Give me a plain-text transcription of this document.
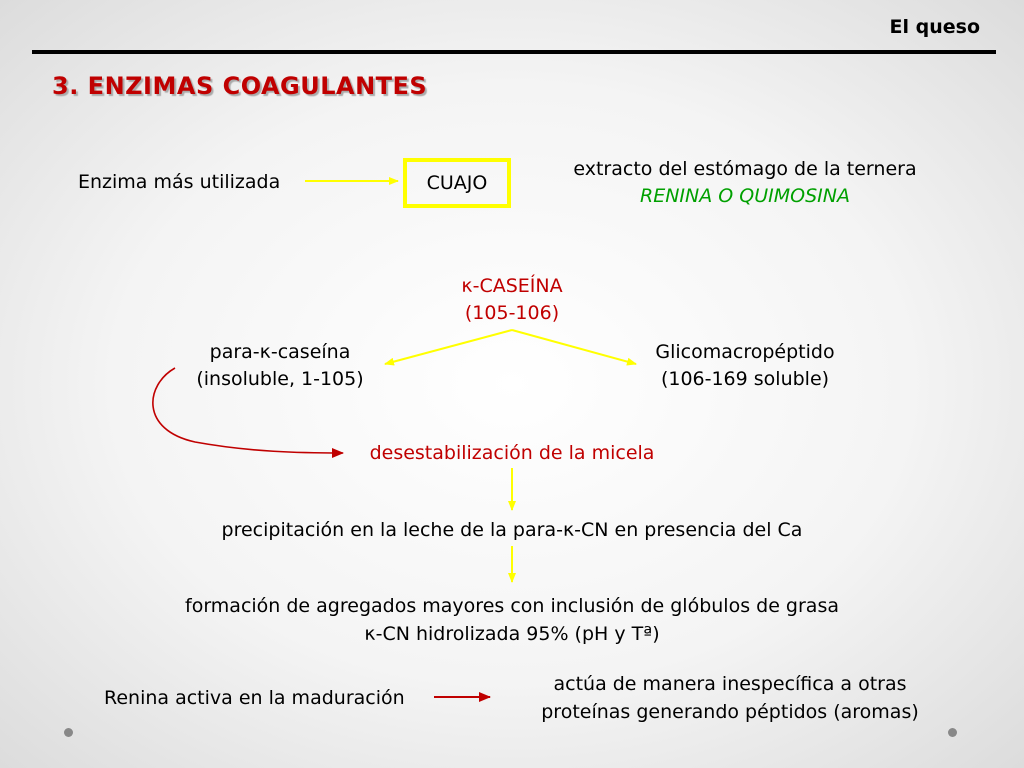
El queso
3. ENZIMAS COAGULANTES
Enzima más utilizada	CUAJO
extracto del estómago de la ternera
RENINA O QUIMOSINA
κ-CASEÍNA
(105-106)
para-κ-caseína
(insoluble, 1-105)
Glicomacropéptido
(106-169 soluble)
desestabilización de la micela
precipitación en la leche de la para-κ-CN en presencia del Ca
formación de agregados mayores con inclusión de glóbulos de grasa
κ-CN hidrolizada 95% (pH y Tª)
Renina activa en la maduración
actúa de manera inespecífica a otras
proteínas generando péptidos (aromas)
